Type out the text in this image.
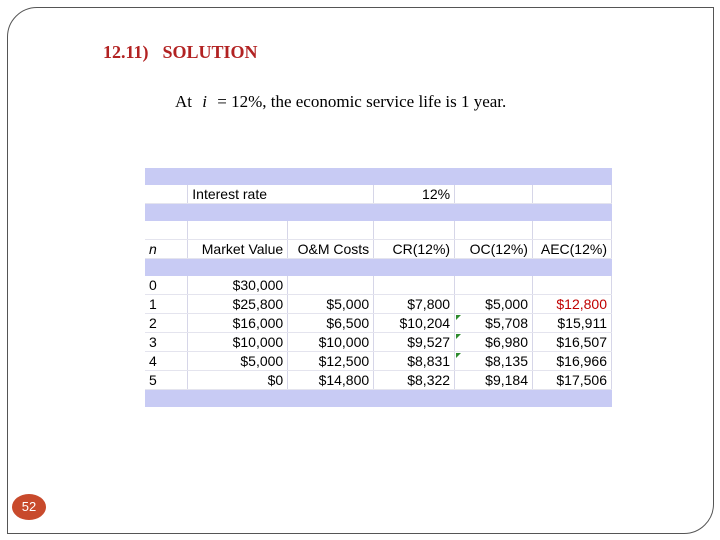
12.11) SOLUTION
At i = 12%, the economic service life is 1 year.

	Interest rate		12%		

n	Market Value	O&M Costs	CR(12%)	OC(12%)	AEC(12%)

0	$30,000				
1	$25,800	$5,000	$7,800	$5,000	$12,800
2	$16,000	$6,500	$10,204	$5,708	$15,911
3	$10,000	$10,000	$9,527	$6,980	$16,507
4	$5,000	$12,500	$8,831	$8,135	$16,966
5	$0	$14,800	$8,322	$9,184	$17,506

52
